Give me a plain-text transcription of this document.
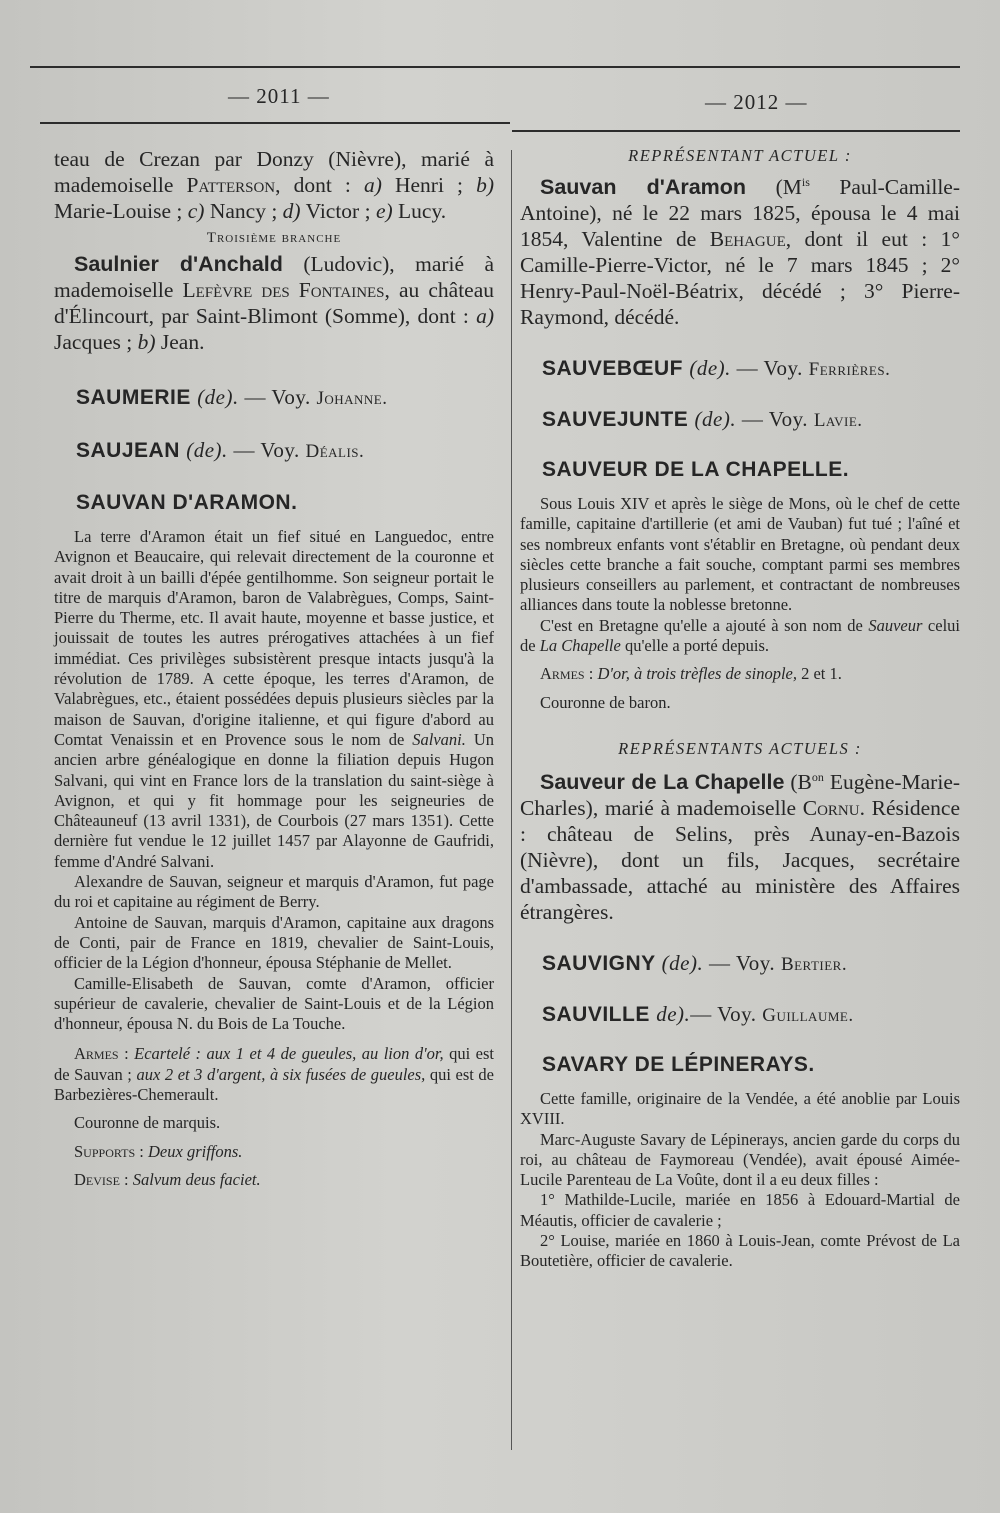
— 2011 —	— 2012 —

teau de Crezan par Donzy (Nièvre), marié à mademoiselle Patterson, dont : a) Henri ; b) Marie-Louise ; c) Nancy ; d) Victor ; e) Lucy.

Troisième branche

Saulnier d'Anchald (Ludovic), marié à mademoiselle Lefèvre des Fontaines, au château d'Élincourt, par Saint-Blimont (Somme), dont : a) Jacques ; b) Jean.

SAUMERIE (de). — Voy. Johanne.
SAUJEAN (de). — Voy. Déalis.
SAUVAN D'ARAMON.

La terre d'Aramon était un fief situé en Languedoc, entre Avignon et Beaucaire, qui relevait directement de la couronne et avait droit à un bailli d'épée gentilhomme. Son seigneur portait le titre de marquis d'Aramon, baron de Valabrègues, Comps, Saint-Pierre du Therme, etc. Il avait haute, moyenne et basse justice, et jouissait de toutes les autres prérogatives attachées à un fief immédiat. Ces privilèges subsistèrent presque intacts jusqu'à la révolution de 1789. A cette époque, les terres d'Aramon, de Valabrègues, etc., étaient possédées depuis plusieurs siècles par la maison de Sauvan, d'origine italienne, et qui figure d'abord au Comtat Venaissin et en Provence sous le nom de Salvani. Un ancien arbre généalogique en donne la filiation depuis Hugon Salvani, qui vint en France lors de la translation du saint-siège à Avignon, et qui y fit hommage pour les seigneuries de Châteauneuf (13 avril 1331), de Courbois (27 mars 1351). Cette dernière fut vendue le 12 juillet 1457 par Alayonne de Gaufridi, femme d'André Salvani.

Alexandre de Sauvan, seigneur et marquis d'Aramon, fut page du roi et capitaine au régiment de Berry.

Antoine de Sauvan, marquis d'Aramon, capitaine aux dragons de Conti, pair de France en 1819, chevalier de Saint-Louis, officier de la Légion d'honneur, épousa Stéphanie de Mellet.

Camille-Elisabeth de Sauvan, comte d'Aramon, officier supérieur de cavalerie, chevalier de Saint-Louis et de la Légion d'honneur, épousa N. du Bois de La Touche.

Armes : Ecartelé : aux 1 et 4 de gueules, au lion d'or, qui est de Sauvan ; aux 2 et 3 d'argent, à six fusées de gueules, qui est de Barbezières-Chemerault.

Couronne de marquis.

Supports : Deux griffons.

Devise : Salvum deus faciet.

REPRÉSENTANT ACTUEL :

Sauvan d'Aramon ($M^{is}$ Paul-Camille-Antoine), né le 22 mars 1825, épousa le 4 mai 1854, Valentine de Behague, dont il eut : 1° Camille-Pierre-Victor, né le 7 mars 1845 ; 2° Henry-Paul-Noël-Béatrix, décédé ; 3° Pierre-Raymond, décédé.

SAUVEBŒUF (de). — Voy. Ferrières.
SAUVEJUNTE (de). — Voy. Lavie.
SAUVEUR DE LA CHAPELLE.

Sous Louis XIV et après le siège de Mons, où le chef de cette famille, capitaine d'artillerie (et ami de Vauban) fut tué ; l'aîné et ses nombreux enfants vont s'établir en Bretagne, où pendant deux siècles cette branche a fait souche, comptant parmi ses membres plusieurs conseillers au parlement, et contractant de nombreuses alliances dans toute la noblesse bretonne.

C'est en Bretagne qu'elle a ajouté à son nom de Sauveur celui de La Chapelle qu'elle a porté depuis.

Armes : D'or, à trois trèfles de sinople, 2 et 1.

Couronne de baron.

REPRÉSENTANTS ACTUELS :

Sauveur de La Chapelle ($B^{on}$ Eugène-Marie-Charles), marié à mademoiselle Cornu. Résidence : château de Selins, près Aunay-en-Bazois (Nièvre), dont un fils, Jacques, secrétaire d'ambassade, attaché au ministère des Affaires étrangères.

SAUVIGNY (de). — Voy. Bertier.
SAUVILLE de).— Voy. Guillaume.
SAVARY DE LÉPINERAYS.

Cette famille, originaire de la Vendée, a été anoblie par Louis XVIII.

Marc-Auguste Savary de Lépinerays, ancien garde du corps du roi, au château de Faymoreau (Vendée), avait épousé Aimée-Lucile Parenteau de La Voûte, dont il a eu deux filles :

1° Mathilde-Lucile, mariée en 1856 à Edouard-Martial de Méautis, officier de cavalerie ;

2° Louise, mariée en 1860 à Louis-Jean, comte Prévost de La Boutetière, officier de cavalerie.
